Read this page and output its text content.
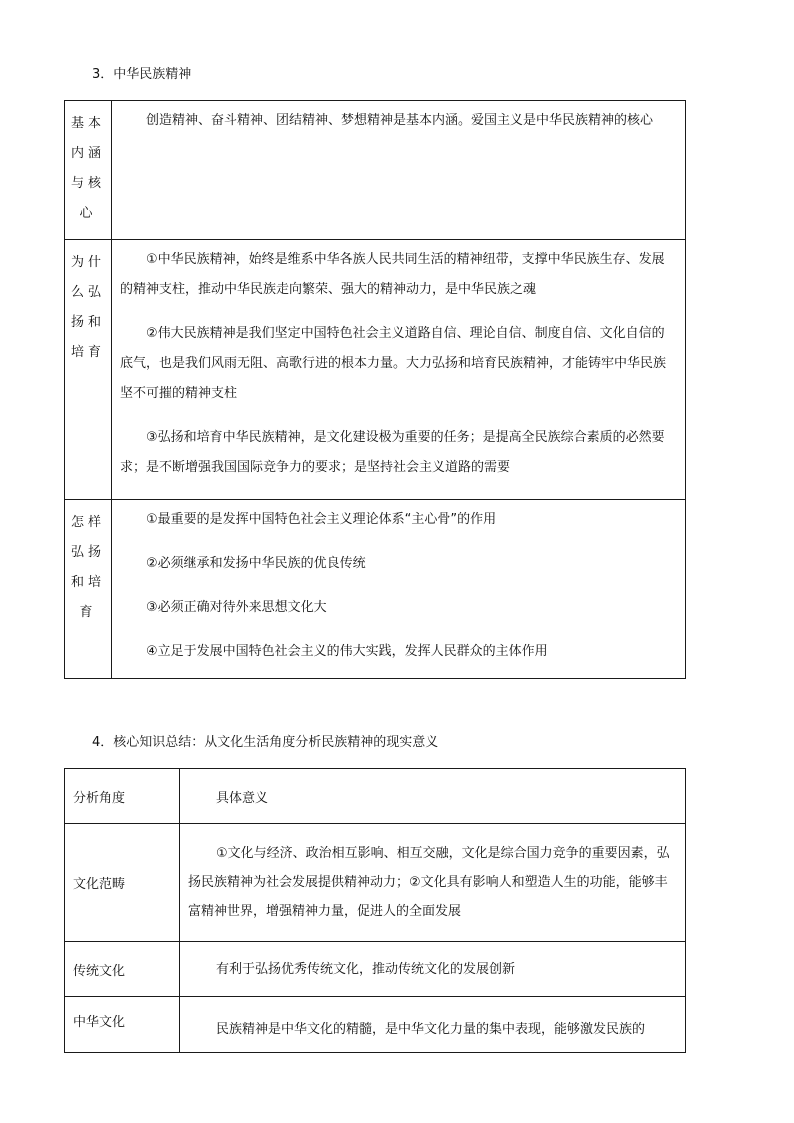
3．中华民族精神
基本内涵与核心	创造精神、奋斗精神、团结精神、梦想精神是基本内涵。爱国主义是中华民族精神的核心

为什么弘扬和培育	①中华民族精神，始终是维系中华各族人民共同生活的精神纽带，支撑中华民族生存、发展的精神支柱，推动中华民族走向繁荣、强大的精神动力，是中华民族之魂

②伟大民族精神是我们坚定中国特色社会主义道路自信、理论自信、制度自信、文化自信的底气，也是我们风雨无阻、高歌行进的根本力量。大力弘扬和培育民族精神，才能铸牢中华民族坚不可摧的精神支柱

③弘扬和培育中华民族精神，是文化建设极为重要的任务；是提高全民族综合素质的必然要求；是不断增强我国国际竞争力的要求；是坚持社会主义道路的需要

怎样弘扬和培育	①最重要的是发挥中国特色社会主义理论体系“主心骨”的作用

②必须继承和发扬中华民族的优良传统

③必须正确对待外来思想文化大

④立足于发展中国特色社会主义的伟大实践，发挥人民群众的主体作用

4．核心知识总结：从文化生活角度分析民族精神的现实意义
分析角度	具体意义
文化范畴	①文化与经济、政治相互影响、相互交融，文化是综合国力竞争的重要因素，弘扬民族精神为社会发展提供精神动力；②文化具有影响人和塑造人生的功能，能够丰富精神世界，增强精神力量，促进人的全面发展

传统文化	有利于弘扬优秀传统文化，推动传统文化的发展创新

中华文化	民族精神是中华文化的精髓，是中华文化力量的集中表现，能够激发民族的
